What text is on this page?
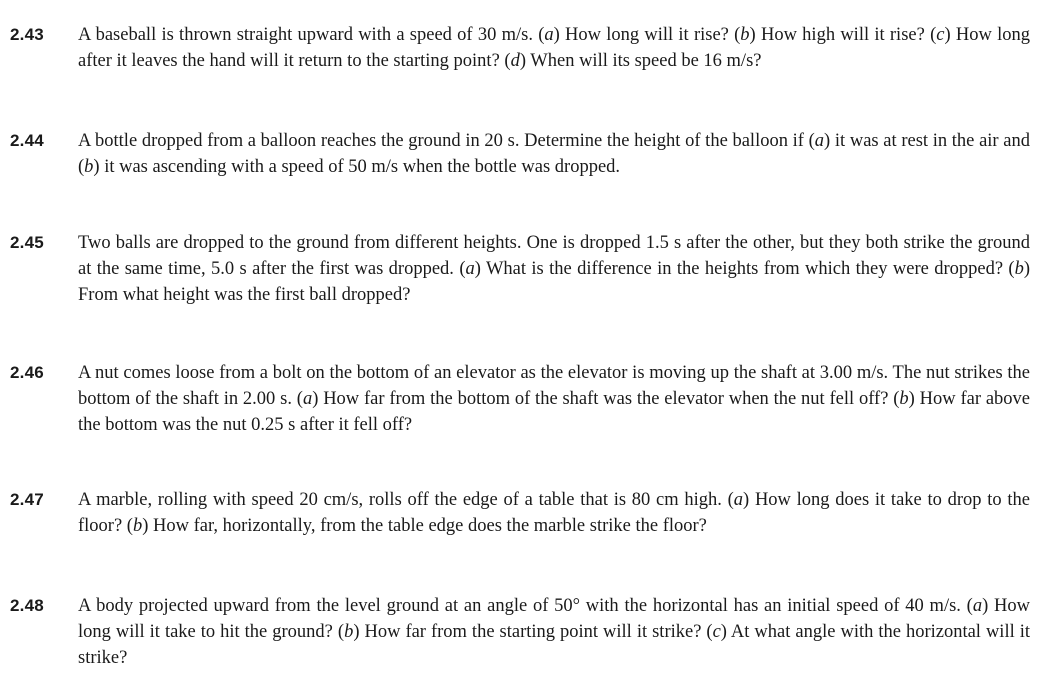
2.43 A baseball is thrown straight upward with a speed of 30 m/s. (a) How long will it rise? (b) How high will it rise? (c) How long after it leaves the hand will it return to the starting point? (d) When will its speed be 16 m/s?

2.44 A bottle dropped from a balloon reaches the ground in 20 s. Determine the height of the balloon if (a) it was at rest in the air and (b) it was ascending with a speed of 50 m/s when the bottle was dropped.

2.45 Two balls are dropped to the ground from different heights. One is dropped 1.5 s after the other, but they both strike the ground at the same time, 5.0 s after the first was dropped. (a) What is the difference in the heights from which they were dropped? (b) From what height was the first ball dropped?

2.46 A nut comes loose from a bolt on the bottom of an elevator as the elevator is moving up the shaft at 3.00 m/s. The nut strikes the bottom of the shaft in 2.00 s. (a) How far from the bottom of the shaft was the elevator when the nut fell off? (b) How far above the bottom was the nut 0.25 s after it fell off?

2.47 A marble, rolling with speed 20 cm/s, rolls off the edge of a table that is 80 cm high. (a) How long does it take to drop to the floor? (b) How far, horizontally, from the table edge does the marble strike the floor?

2.48 A body projected upward from the level ground at an angle of 50° with the horizontal has an initial speed of 40 m/s. (a) How long will it take to hit the ground? (b) How far from the starting point will it strike? (c) At what angle with the horizontal will it strike?
